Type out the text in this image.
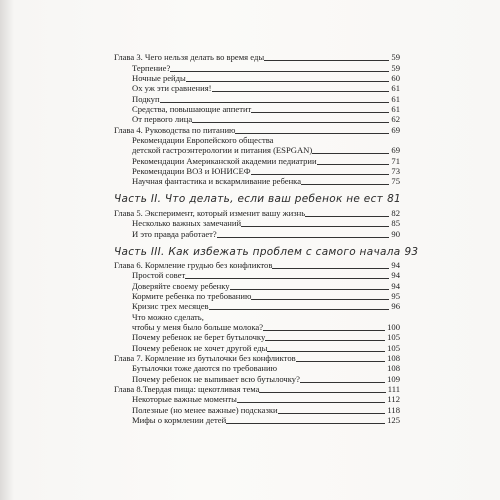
Глава 3. Чего нельзя делать во время еды	59
Терпение?	59
Ночные рейды	60
Ох уж эти сравнения!	61
Подкуп	61
Средства, повышающие аппетит	61
От первого лица	62
Глава 4. Руководства по питанию	69
Рекомендации Европейского общества
детской гастроэнтерологии и питания (ESPGAN)	69
Рекомендации Американской академии педиатрии	71
Рекомендации ВОЗ и ЮНИСЕФ	73
Научная фантастика и вскармливание ребенка	75
Часть II. Что делать, если ваш ребенок не ест 81
Глава 5. Эксперимент, который изменит вашу жизнь	82
Несколько важных замечаний	85
И это правда работает?	90
Часть III. Как избежать проблем с самого начала 93
Глава 6. Кормление грудью без конфликтов	94
Простой совет	94
Доверяйте своему ребенку	94
Кормите ребенка по требованию	95
Кризис трех месяцев	96
Что можно сделать,
чтобы у меня было больше молока?	100
Почему ребенок не берет бутылочку	105
Почему ребенок не хочет другой еды	105
Глава 7. Кормление из бутылочки без конфликтов	108
Бутылочки тоже даются по требованию	108
Почему ребенок не выпивает всю бутылочку?	109
Глава 8.Твердая пища: щекотливая тема	111
Некоторые важные моменты	112
Полезные (но менее важные) подсказки	118
Мифы о кормлении детей	125
